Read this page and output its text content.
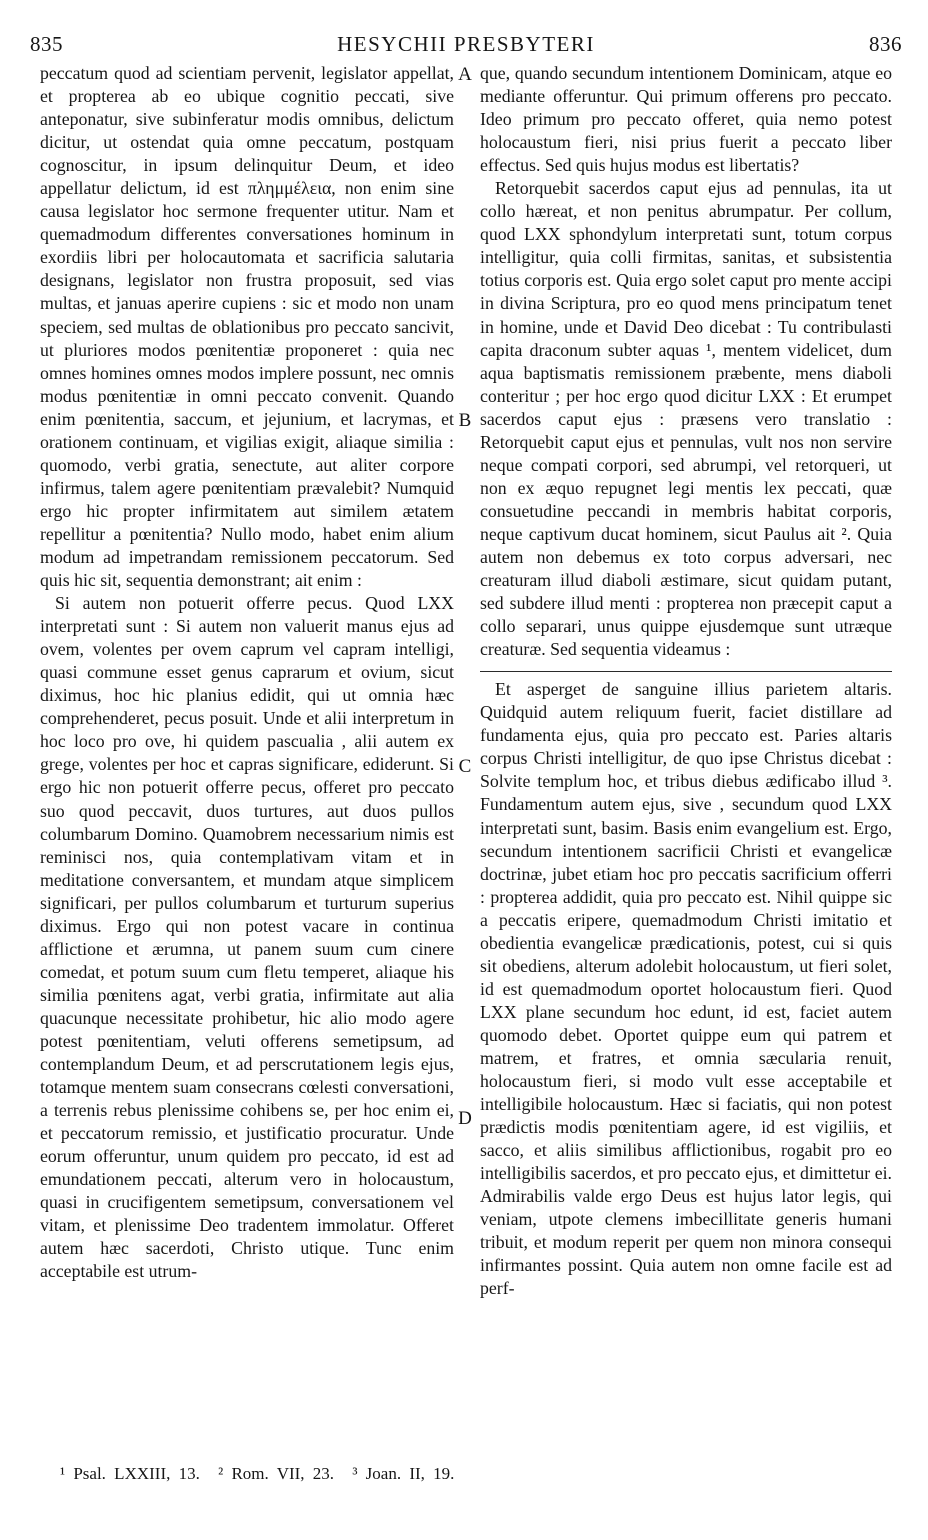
835	HESYCHII PRESBYTERI	836

peccatum quod ad scientiam pervenit, legislator appellat, et propterea ab eo ubique cognitio peccati, sive anteponatur, sive subinferatur modis omnibus, delictum dicitur, ut ostendat quia omne peccatum, postquam cognoscitur, in ipsum delinquitur Deum, et ideo appellatur delictum, id est πλημμέλεια, non enim sine causa legislator hoc sermone frequenter utitur. Nam et quemadmodum differentes conversationes hominum in exordiis libri per holocautomata et sacrificia salutaria designans, legislator non frustra proposuit, sed vias multas, et januas aperire cupiens : sic et modo non unam speciem, sed multas de oblationibus pro peccato sancivit, ut pluriores modos pœnitentiæ proponeret : quia nec omnes homines omnes modos implere possunt, nec omnis modus pœnitentiæ in omni peccato convenit. Quando enim pœnitentia, saccum, et jejunium, et lacrymas, et orationem continuam, et vigilias exigit, aliaque similia : quomodo, verbi gratia, senectute, aut aliter corpore infirmus, talem agere pœnitentiam prævalebit? Numquid ergo hic propter infirmitatem aut similem ætatem repellitur a pœnitentia? Nullo modo, habet enim alium modum ad impetrandam remissionem peccatorum. Sed quis hic sit, sequentia demonstrant; ait enim :

Si autem non potuerit offerre pecus. Quod LXX interpretati sunt : Si autem non valuerit manus ejus ad ovem, volentes per ovem caprum vel capram intelligi, quasi commune esset genus caprarum et ovium, sicut diximus, hoc hic planius edidit, qui ut omnia hæc comprehenderet, pecus posuit. Unde et alii interpretum in hoc loco pro ove, hi quidem pascualia , alii autem ex grege, volentes per hoc et capras significare, ediderunt. Si ergo hic non potuerit offerre pecus, offeret pro peccato suo quod peccavit, duos turtures, aut duos pullos columbarum Domino. Quamobrem necessarium nimis est reminisci nos, quia contemplativam vitam et in meditatione conversantem, et mundam atque simplicem significari, per pullos columbarum et turturum superius diximus. Ergo qui non potest vacare in continua afflictione et ærumna, ut panem suum cum cinere comedat, et potum suum cum fletu temperet, aliaque his similia pœnitens agat, verbi gratia, infirmitate aut alia quacunque necessitate prohibetur, hic alio modo agere potest pœnitentiam, veluti offerens semetipsum, ad contemplandum Deum, et ad perscrutationem legis ejus, totamque mentem suam consecrans cœlesti conversationi, a terrenis rebus plenissime cohibens se, per hoc enim ei, et peccatorum remissio, et justificatio procuratur. Unde eorum offeruntur, unum quidem pro peccato, id est ad emundationem peccati, alterum vero in holocaustum, quasi in crucifigentem semetipsum, conversationem vel vitam, et plenissime Deo tradentem immolatur. Offeret autem hæc sacerdoti, Christo utique. Tunc enim acceptabile est utrum-

que, quando secundum intentionem Dominicam, atque eo mediante offeruntur. Qui primum offerens pro peccato. Ideo primum pro peccato offeret, quia nemo potest holocaustum fieri, nisi prius fuerit a peccato liber effectus. Sed quis hujus modus est libertatis?

Retorquebit sacerdos caput ejus ad pennulas, ita ut collo hæreat, et non penitus abrumpatur. Per collum, quod LXX sphondylum interpretati sunt, totum corpus intelligitur, quia colli firmitas, sanitas, et subsistentia totius corporis est. Quia ergo solet caput pro mente accipi in divina Scriptura, pro eo quod mens principatum tenet in homine, unde et David Deo dicebat : Tu contribulasti capita draconum subter aquas ¹, mentem videlicet, dum aqua baptismatis remissionem præbente, mens diaboli conteritur ; per hoc ergo quod dicitur LXX : Et erumpet sacerdos caput ejus : præsens vero translatio : Retorquebit caput ejus et pennulas, vult nos non servire neque compati corpori, sed abrumpi, vel retorqueri, ut non ex æquo repugnet legi mentis lex peccati, quæ consuetudine peccandi in membris habitat corporis, neque captivum ducat hominem, sicut Paulus ait ². Quia autem non debemus ex toto corpus adversari, nec creaturam illud diaboli æstimare, sicut quidam putant, sed subdere illud menti : propterea non præcepit caput a collo separari, unus quippe ejusdemque sunt utræque creaturæ. Sed sequentia videamus :

Et asperget de sanguine illius parietem altaris. Quidquid autem reliquum fuerit, faciet distillare ad fundamenta ejus, quia pro peccato est. Paries altaris corpus Christi intelligitur, de quo ipse Christus dicebat : Solvite templum hoc, et tribus diebus ædificabo illud ³. Fundamentum autem ejus, sive , secundum quod LXX interpretati sunt, basim. Basis enim evangelium est. Ergo, secundum intentionem sacrificii Christi et evangelicæ doctrinæ, jubet etiam hoc pro peccatis sacrificium offerri : propterea addidit, quia pro peccato est. Nihil quippe sic a peccatis eripere, quemadmodum Christi imitatio et obedientia evangelicæ prædicationis, potest, cui si quis sit obediens, alterum adolebit holocaustum, ut fieri solet, id est quemadmodum oportet holocaustum fieri. Quod LXX plane secundum hoc edunt, id est, faciet autem quomodo debet. Oportet quippe eum qui patrem et matrem, et fratres, et omnia sæcularia renuit, holocaustum fieri, si modo vult esse acceptabile et intelligibile holocaustum. Hæc si faciatis, qui non potest prædictis modis pœnitentiam agere, id est vigiliis, et sacco, et aliis similibus afflictionibus, rogabit pro eo intelligibilis sacerdos, et pro peccato ejus, et dimittetur ei. Admirabilis valde ergo Deus est hujus lator legis, qui veniam, utpote clemens imbecillitate generis humani tribuit, et modum reperit per quem non minora consequi infirmantes possint. Quia autem non omne facile est ad perf-

A
B
C
D
¹ Psal. LXXIII, 13. ² Rom. VII, 23. ³ Joan. II, 19.
